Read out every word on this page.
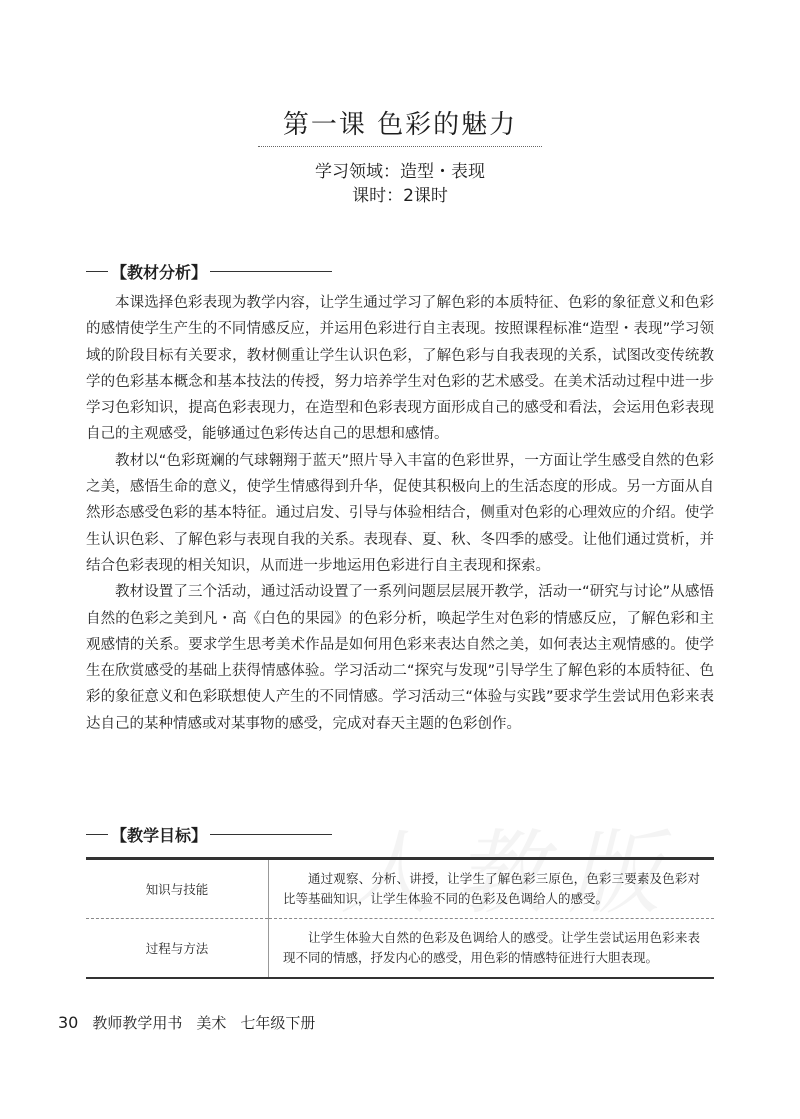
第一课 色彩的魅力
学习领域：造型・表现
课时：2课时
【教材分析】

本课选择色彩表现为教学内容，让学生通过学习了解色彩的本质特征、色彩的象征意义和色彩的感情使学生产生的不同情感反应，并运用色彩进行自主表现。按照课程标准“造型・表现”学习领域的阶段目标有关要求，教材侧重让学生认识色彩，了解色彩与自我表现的关系，试图改变传统教学的色彩基本概念和基本技法的传授，努力培养学生对色彩的艺术感受。在美术活动过程中进一步学习色彩知识，提高色彩表现力，在造型和色彩表现方面形成自己的感受和看法，会运用色彩表现自己的主观感受，能够通过色彩传达自己的思想和感情。

教材以“色彩斑斓的气球翱翔于蓝天”照片导入丰富的色彩世界，一方面让学生感受自然的色彩之美，感悟生命的意义，使学生情感得到升华，促使其积极向上的生活态度的形成。另一方面从自然形态感受色彩的基本特征。通过启发、引导与体验相结合，侧重对色彩的心理效应的介绍。使学生认识色彩、了解色彩与表现自我的关系。表现春、夏、秋、冬四季的感受。让他们通过赏析，并结合色彩表现的相关知识，从而进一步地运用色彩进行自主表现和探索。

教材设置了三个活动，通过活动设置了一系列问题层层展开教学，活动一“研究与讨论”从感悟自然的色彩之美到凡・高《白色的果园》的色彩分析，唤起学生对色彩的情感反应，了解色彩和主观感情的关系。要求学生思考美术作品是如何用色彩来表达自然之美，如何表达主观情感的。使学生在欣赏感受的基础上获得情感体验。学习活动二“探究与发现”引导学生了解色彩的本质特征、色彩的象征意义和色彩联想使人产生的不同情感。学习活动三“体验与实践”要求学生尝试用色彩来表达自己的某种情感或对某事物的感受，完成对春天主题的色彩创作。

【教学目标】
知识与技能	通过观察、分析、讲授，让学生了解色彩三原色，色彩三要素及色彩对比等基础知识，让学生体验不同的色彩及色调给人的感受。
过程与方法	让学生体验大自然的色彩及色调给人的感受。让学生尝试运用色彩来表现不同的情感，抒发内心的感受，用色彩的情感特征进行大胆表现。
30 教师教学用书 美术 七年级下册
